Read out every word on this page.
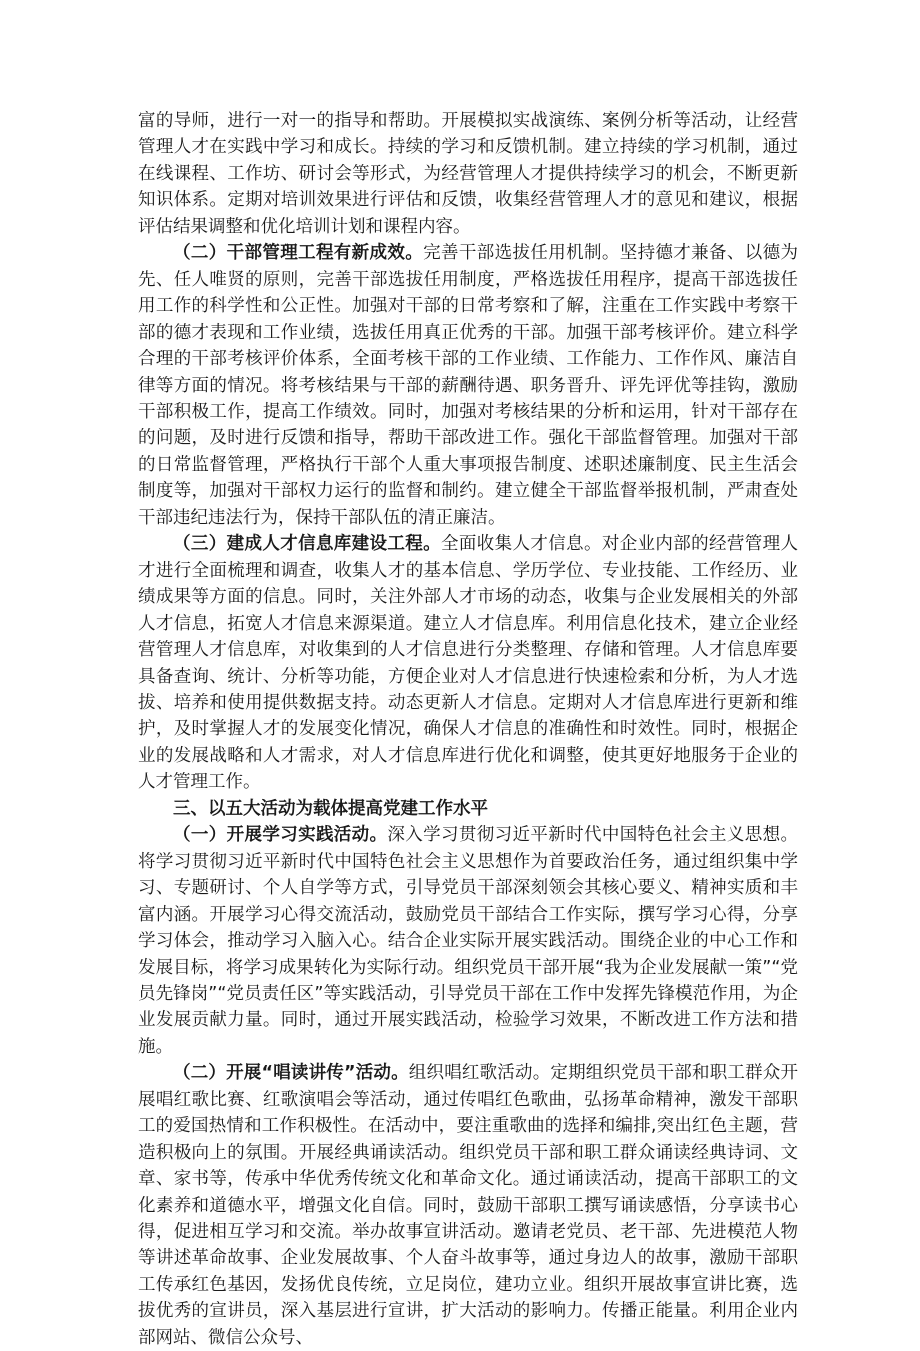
富的导师，进行一对一的指导和帮助。开展模拟实战演练、案例分析等活动，让经营管理人才在实践中学习和成长。持续的学习和反馈机制。建立持续的学习机制，通过在线课程、工作坊、研讨会等形式，为经营管理人才提供持续学习的机会，不断更新知识体系。定期对培训效果进行评估和反馈，收集经营管理人才的意见和建议，根据评估结果调整和优化培训计划和课程内容。

（二）干部管理工程有新成效。完善干部选拔任用机制。坚持德才兼备、以德为先、任人唯贤的原则，完善干部选拔任用制度，严格选拔任用程序，提高干部选拔任用工作的科学性和公正性。加强对干部的日常考察和了解，注重在工作实践中考察干部的德才表现和工作业绩，选拔任用真正优秀的干部。加强干部考核评价。建立科学合理的干部考核评价体系，全面考核干部的工作业绩、工作能力、工作作风、廉洁自律等方面的情况。将考核结果与干部的薪酬待遇、职务晋升、评先评优等挂钩，激励干部积极工作，提高工作绩效。同时，加强对考核结果的分析和运用，针对干部存在的问题，及时进行反馈和指导，帮助干部改进工作。强化干部监督管理。加强对干部的日常监督管理，严格执行干部个人重大事项报告制度、述职述廉制度、民主生活会制度等，加强对干部权力运行的监督和制约。建立健全干部监督举报机制，严肃查处干部违纪违法行为，保持干部队伍的清正廉洁。

（三）建成人才信息库建设工程。全面收集人才信息。对企业内部的经营管理人才进行全面梳理和调查，收集人才的基本信息、学历学位、专业技能、工作经历、业绩成果等方面的信息。同时，关注外部人才市场的动态，收集与企业发展相关的外部人才信息，拓宽人才信息来源渠道。建立人才信息库。利用信息化技术，建立企业经营管理人才信息库，对收集到的人才信息进行分类整理、存储和管理。人才信息库要具备查询、统计、分析等功能，方便企业对人才信息进行快速检索和分析，为人才选拔、培养和使用提供数据支持。动态更新人才信息。定期对人才信息库进行更新和维护，及时掌握人才的发展变化情况，确保人才信息的准确性和时效性。同时，根据企业的发展战略和人才需求，对人才信息库进行优化和调整，使其更好地服务于企业的人才管理工作。

三、以五大活动为载体提高党建工作水平

（一）开展学习实践活动。深入学习贯彻习近平新时代中国特色社会主义思想。将学习贯彻习近平新时代中国特色社会主义思想作为首要政治任务，通过组织集中学习、专题研讨、个人自学等方式，引导党员干部深刻领会其核心要义、精神实质和丰富内涵。开展学习心得交流活动，鼓励党员干部结合工作实际，撰写学习心得，分享学习体会，推动学习入脑入心。结合企业实际开展实践活动。围绕企业的中心工作和发展目标，将学习成果转化为实际行动。组织党员干部开展“我为企业发展献一策”“党员先锋岗”“党员责任区”等实践活动，引导党员干部在工作中发挥先锋模范作用，为企业发展贡献力量。同时，通过开展实践活动，检验学习效果，不断改进工作方法和措施。

（二）开展“唱读讲传”活动。组织唱红歌活动。定期组织党员干部和职工群众开展唱红歌比赛、红歌演唱会等活动，通过传唱红色歌曲，弘扬革命精神，激发干部职工的爱国热情和工作积极性。在活动中，要注重歌曲的选择和编排,突出红色主题，营造积极向上的氛围。开展经典诵读活动。组织党员干部和职工群众诵读经典诗词、文章、家书等，传承中华优秀传统文化和革命文化。通过诵读活动，提高干部职工的文化素养和道德水平，增强文化自信。同时，鼓励干部职工撰写诵读感悟，分享读书心得，促进相互学习和交流。举办故事宣讲活动。邀请老党员、老干部、先进模范人物等讲述革命故事、企业发展故事、个人奋斗故事等，通过身边人的故事，激励干部职工传承红色基因，发扬优良传统，立足岗位，建功立业。组织开展故事宣讲比赛，选拔优秀的宣讲员，深入基层进行宣讲，扩大活动的影响力。传播正能量。利用企业内部网站、微信公众号、
